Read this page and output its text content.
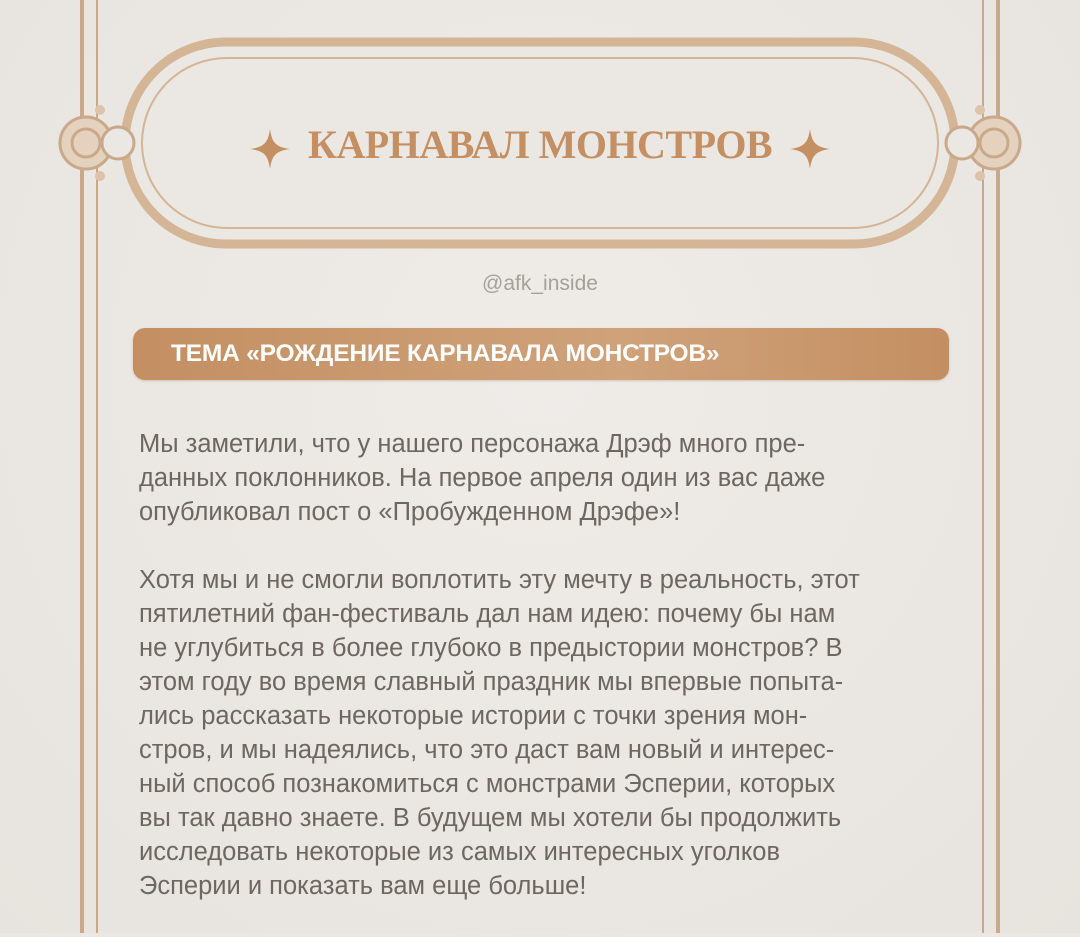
КАРНАВАЛ МОНСТРОВ
@afk_inside
ТЕМА «РОЖДЕНИЕ КАРНАВАЛА МОНСТРОВ»
Мы заметили, что у нашего персонажа Дрэф много пре-
данных поклонников. На первое апреля один из вас даже
опубликовал пост о «Пробужденном Дрэфе»!
Хотя мы и не смогли воплотить эту мечту в реальность, этот
пятилетний фан-фестиваль дал нам идею: почему бы нам
не углубиться в более глубоко в предыстории монстров? В
этом году во время славный праздник мы впервые попыта-
лись рассказать некоторые истории с точки зрения мон-
стров, и мы надеялись, что это даст вам новый и интерес-
ный способ познакомиться с монстрами Эсперии, которых
вы так давно знаете. В будущем мы хотели бы продолжить
исследовать некоторые из самых интересных уголков
Эсперии и показать вам еще больше!
